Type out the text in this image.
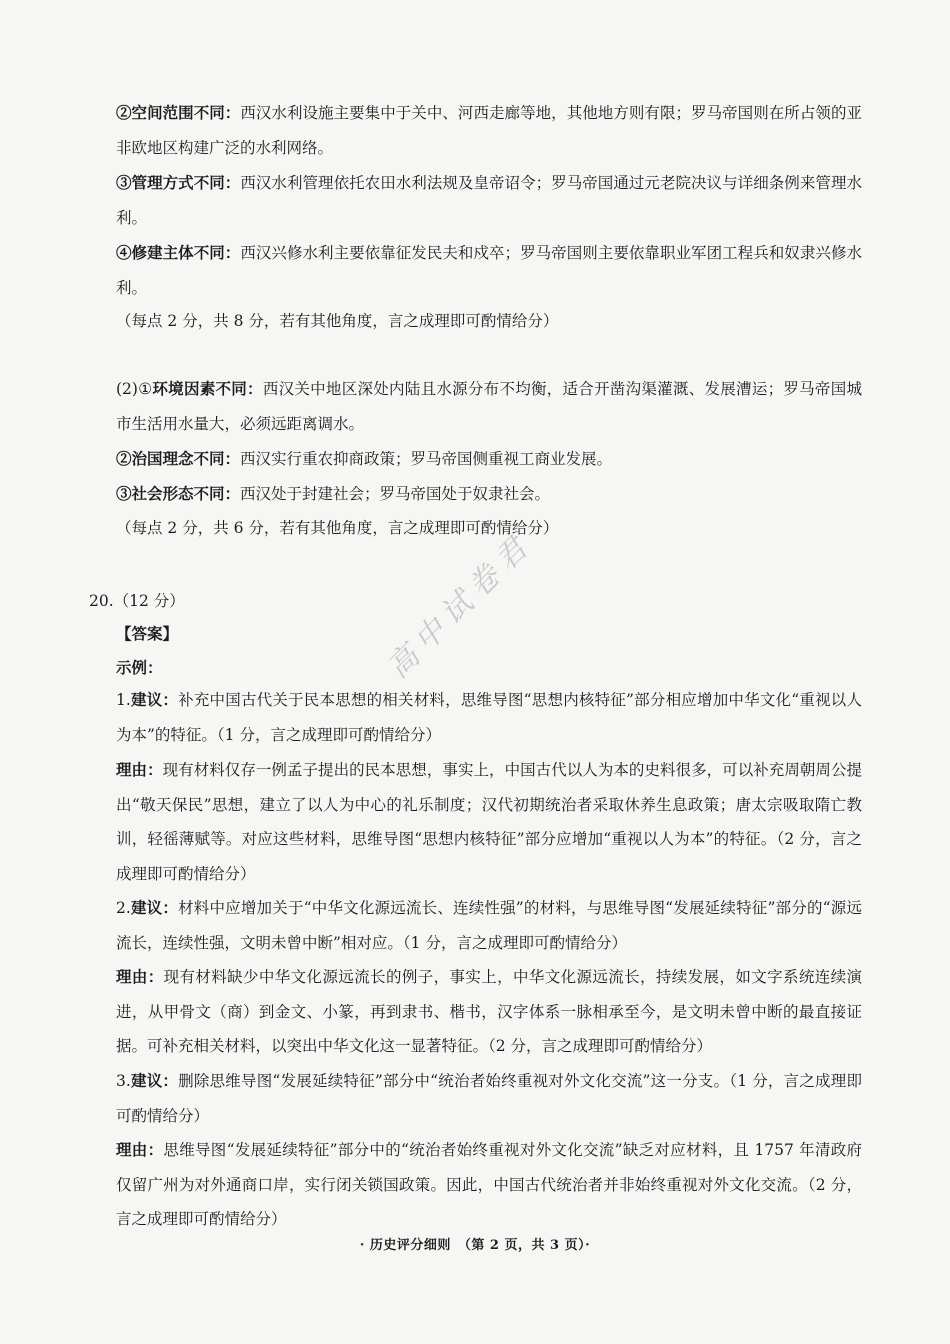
②空间范围不同：西汉水利设施主要集中于关中、河西走廊等地，其他地方则有限；罗马帝国则在所占领的亚非欧地区构建广泛的水利网络。

③管理方式不同：西汉水利管理依托农田水利法规及皇帝诏令；罗马帝国通过元老院决议与详细条例来管理水利。

④修建主体不同：西汉兴修水利主要依靠征发民夫和戍卒；罗马帝国则主要依靠职业军团工程兵和奴隶兴修水利。

（每点 2 分，共 8 分，若有其他角度，言之成理即可酌情给分）

(2)①环境因素不同：西汉关中地区深处内陆且水源分布不均衡，适合开凿沟渠灌溉、发展漕运；罗马帝国城市生活用水量大，必须远距离调水。

②治国理念不同：西汉实行重农抑商政策；罗马帝国侧重视工商业发展。

③社会形态不同：西汉处于封建社会；罗马帝国处于奴隶社会。

（每点 2 分，共 6 分，若有其他角度，言之成理即可酌情给分）

20.（12 分）

【答案】

示例：

1.建议：补充中国古代关于民本思想的相关材料，思维导图“思想内核特征”部分相应增加中华文化“重视以人为本”的特征。（1 分，言之成理即可酌情给分）

理由：现有材料仅存一例孟子提出的民本思想，事实上，中国古代以人为本的史料很多，可以补充周朝周公提出“敬天保民”思想，建立了以人为中心的礼乐制度；汉代初期统治者采取休养生息政策；唐太宗吸取隋亡教训，轻徭薄赋等。对应这些材料，思维导图“思想内核特征”部分应增加“重视以人为本”的特征。（2 分，言之成理即可酌情给分）

2.建议：材料中应增加关于“中华文化源远流长、连续性强”的材料，与思维导图“发展延续特征”部分的“源远流长，连续性强，文明未曾中断”相对应。（1 分，言之成理即可酌情给分）

理由：现有材料缺少中华文化源远流长的例子，事实上，中华文化源远流长，持续发展，如文字系统连续演进，从甲骨文（商）到金文、小篆，再到隶书、楷书，汉字体系一脉相承至今，是文明未曾中断的最直接证据。可补充相关材料，以突出中华文化这一显著特征。（2 分，言之成理即可酌情给分）

3.建议：删除思维导图“发展延续特征”部分中“统治者始终重视对外文化交流”这一分支。（1 分，言之成理即可酌情给分）

理由：思维导图“发展延续特征”部分中的“统治者始终重视对外文化交流”缺乏对应材料，且 1757 年清政府仅留广州为对外通商口岸，实行闭关锁国政策。因此，中国古代统治者并非始终重视对外文化交流。（2 分，言之成理即可酌情给分）

高中试卷君
· 历史评分细则　（第 2 页，共 3 页）·
